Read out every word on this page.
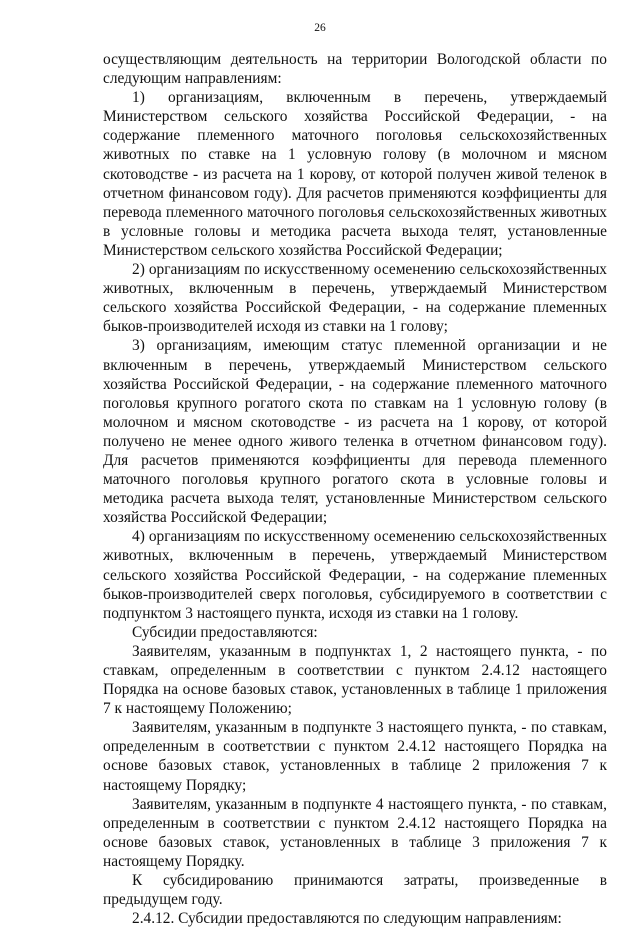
26

осуществляющим деятельность на территории Вологодской области по следующим направлениям:

1) организациям, включенным в перечень, утверждаемый Министерством сельского хозяйства Российской Федерации, - на содержание племенного маточного поголовья сельскохозяйственных животных по ставке на 1 условную голову (в молочном и мясном скотоводстве - из расчета на 1 корову, от которой получен живой теленок в отчетном финансовом году). Для расчетов применяются коэффициенты для перевода племенного маточного поголовья сельскохозяйственных животных в условные головы и методика расчета выхода телят, установленные Министерством сельского хозяйства Российской Федерации;

2) организациям по искусственному осеменению сельскохозяйственных животных, включенным в перечень, утверждаемый Министерством сельского хозяйства Российской Федерации, - на содержание племенных быков-производителей исходя из ставки на 1 голову;

3) организациям, имеющим статус племенной организации и не включенным в перечень, утверждаемый Министерством сельского хозяйства Российской Федерации, - на содержание племенного маточного поголовья крупного рогатого скота по ставкам на 1 условную голову (в молочном и мясном скотоводстве - из расчета на 1 корову, от которой получено не менее одного живого теленка в отчетном финансовом году). Для расчетов применяются коэффициенты для перевода племенного маточного поголовья крупного рогатого скота в условные головы и методика расчета выхода телят, установленные Министерством сельского хозяйства Российской Федерации;

4) организациям по искусственному осеменению сельскохозяйственных животных, включенным в перечень, утверждаемый Министерством сельского хозяйства Российской Федерации, - на содержание племенных быков-производителей сверх поголовья, субсидируемого в соответствии с подпунктом 3 настоящего пункта, исходя из ставки на 1 голову.

Субсидии предоставляются:

Заявителям, указанным в подпунктах 1, 2 настоящего пункта, - по ставкам, определенным в соответствии с пунктом 2.4.12 настоящего Порядка на основе базовых ставок, установленных в таблице 1 приложения 7 к настоящему Положению;

Заявителям, указанным в подпункте 3 настоящего пункта, - по ставкам, определенным в соответствии с пунктом 2.4.12 настоящего Порядка на основе базовых ставок, установленных в таблице 2 приложения 7 к настоящему Порядку;

Заявителям, указанным в подпункте 4 настоящего пункта, - по ставкам, определенным в соответствии с пунктом 2.4.12 настоящего Порядка на основе базовых ставок, установленных в таблице 3 приложения 7 к настоящему Порядку.

К субсидированию принимаются затраты, произведенные в предыдущем году.

2.4.12. Субсидии предоставляются по следующим направлениям:
